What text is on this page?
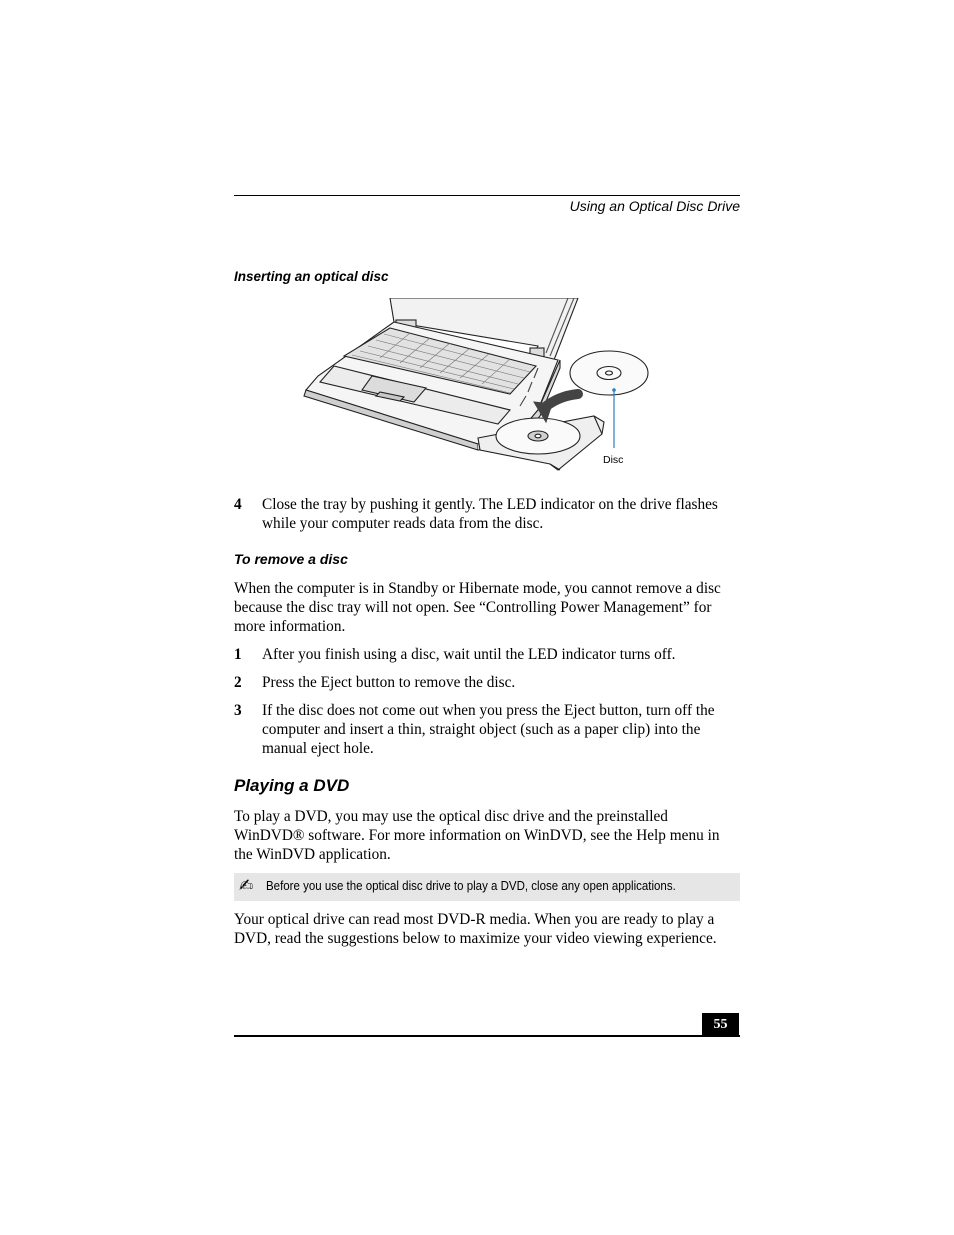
Using an Optical Disc Drive
Inserting an optical disc
Disc
4 Close the tray by pushing it gently. The LED indicator on the drive flashes while your computer reads data from the disc.
To remove a disc
When the computer is in Standby or Hibernate mode, you cannot remove a disc because the disc tray will not open. See “Controlling Power Management” for more information.
1 After you finish using a disc, wait until the LED indicator turns off.
2 Press the Eject button to remove the disc.
3 If the disc does not come out when you press the Eject button, turn off the computer and insert a thin, straight object (such as a paper clip) into the manual eject hole.
Playing a DVD
To play a DVD, you may use the optical disc drive and the preinstalled WinDVD® software. For more information on WinDVD, see the Help menu in the WinDVD application.
✍ Before you use the optical disc drive to play a DVD, close any open applications.
Your optical drive can read most DVD-R media. When you are ready to play a DVD, read the suggestions below to maximize your video viewing experience.
55
